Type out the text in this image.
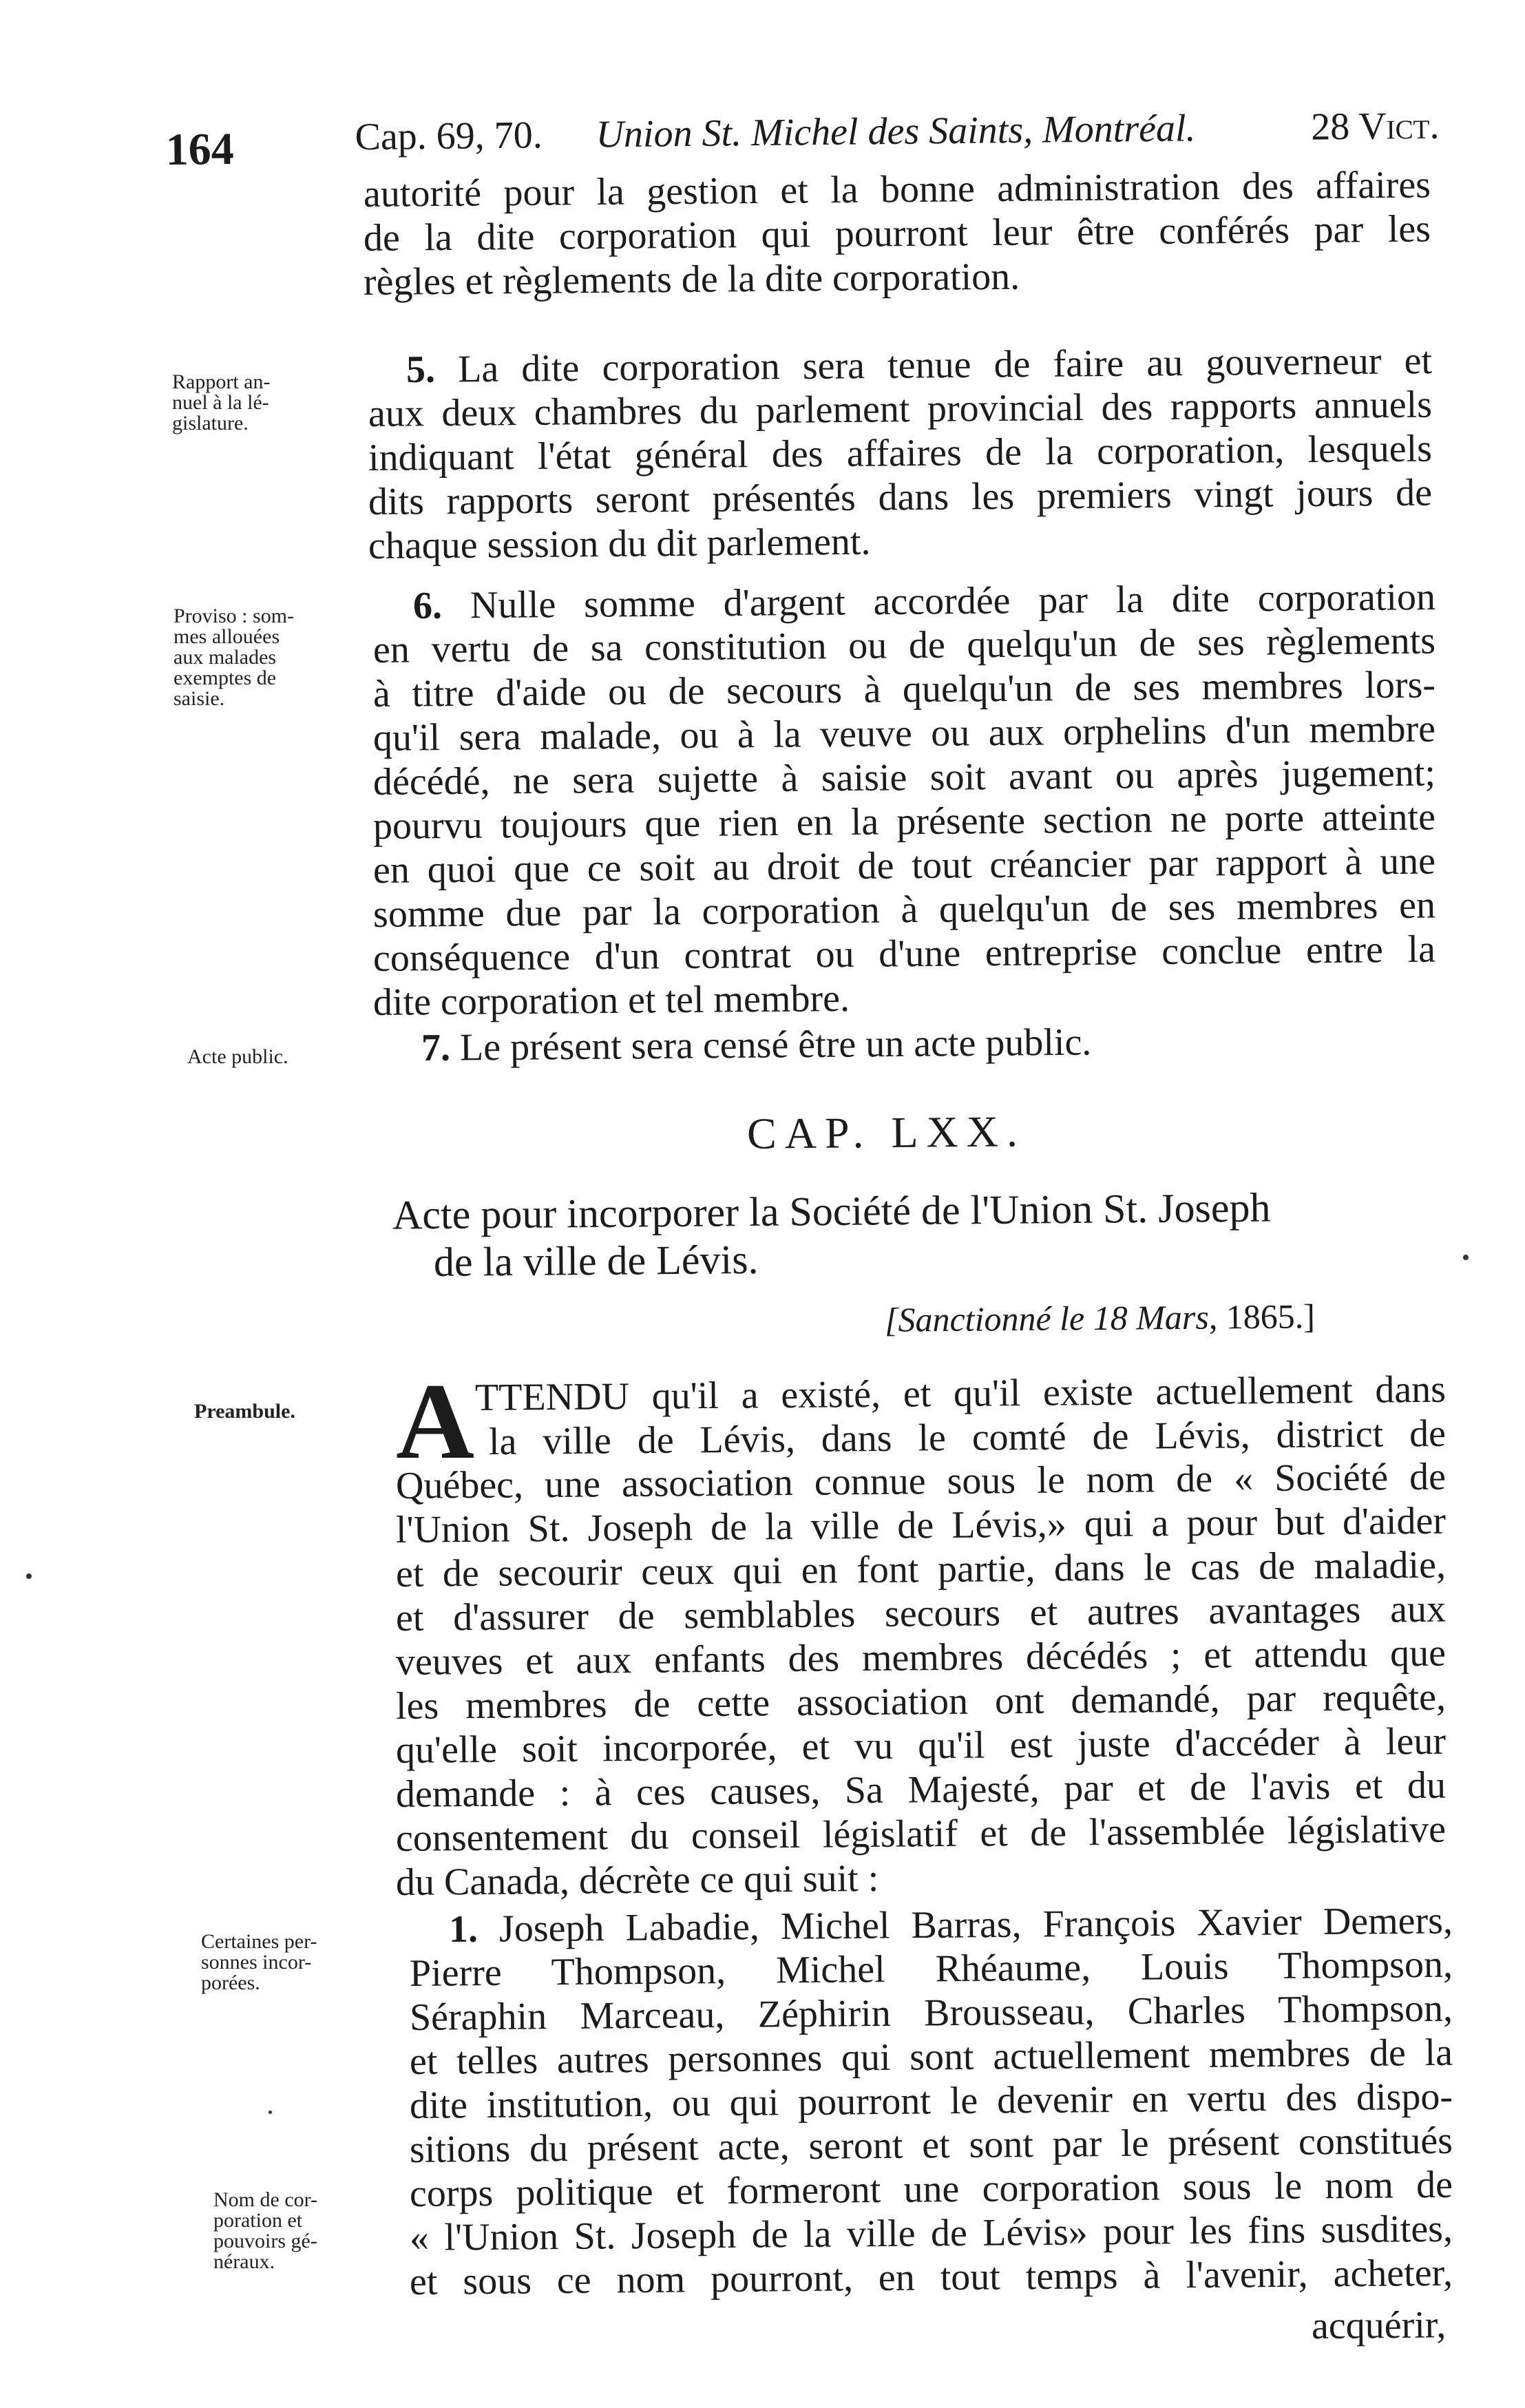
164	Cap. 69, 70. Union St. Michel des Saints, Montréal.	28 Vict.
autorité pour la gestion et la bonne administration des affaires
de la dite corporation qui pourront leur être conférés par les
règles et règlements de la dite corporation.
Rapport an-
nuel à la lé-
gislature.
5. La dite corporation sera tenue de faire au gouverneur et
aux deux chambres du parlement provincial des rapports annuels
indiquant l'état général des affaires de la corporation, lesquels
dits rapports seront présentés dans les premiers vingt jours de
chaque session du dit parlement.
Proviso : som-
mes allouées
aux malades
exemptes de
saisie.
6. Nulle somme d'argent accordée par la dite corporation
en vertu de sa constitution ou de quelqu'un de ses règlements
à titre d'aide ou de secours à quelqu'un de ses membres lors-
qu'il sera malade, ou à la veuve ou aux orphelins d'un membre
décédé, ne sera sujette à saisie soit avant ou après jugement;
pourvu toujours que rien en la présente section ne porte atteinte
en quoi que ce soit au droit de tout créancier par rapport à une
somme due par la corporation à quelqu'un de ses membres en
conséquence d'un contrat ou d'une entreprise conclue entre la
dite corporation et tel membre.
Acte public.	7. Le présent sera censé être un acte public.
CAP. LXX.
Acte pour incorporer la Société de l'Union St. Joseph
de la ville de Lévis.
[Sanctionné le 18 Mars, 1865.]
Preambule. A TTENDU qu'il a existé, et qu'il existe actuellement dans
la ville de Lévis, dans le comté de Lévis, district de
Québec, une association connue sous le nom de « Société de
l'Union St. Joseph de la ville de Lévis,» qui a pour but d'aider
et de secourir ceux qui en font partie, dans le cas de maladie,
et d'assurer de semblables secours et autres avantages aux
veuves et aux enfants des membres décédés ; et attendu que
les membres de cette association ont demandé, par requête,
qu'elle soit incorporée, et vu qu'il est juste d'accéder à leur
demande : à ces causes, Sa Majesté, par et de l'avis et du
consentement du conseil législatif et de l'assemblée législative
du Canada, décrète ce qui suit :
Certaines per-
sonnes incor-
porées.
1. Joseph Labadie, Michel Barras, François Xavier Demers,
Pierre Thompson, Michel Rhéaume, Louis Thompson,
Séraphin Marceau, Zéphirin Brousseau, Charles Thompson,
et telles autres personnes qui sont actuellement membres de la
dite institution, ou qui pourront le devenir en vertu des dispo-
sitions du présent acte, seront et sont par le présent constitués
corps politique et formeront une corporation sous le nom de
« l'Union St. Joseph de la ville de Lévis» pour les fins susdites,
et sous ce nom pourront, en tout temps à l'avenir, acheter,
acquérir,
Nom de cor-
poration et
pouvoirs gé-
néraux.
